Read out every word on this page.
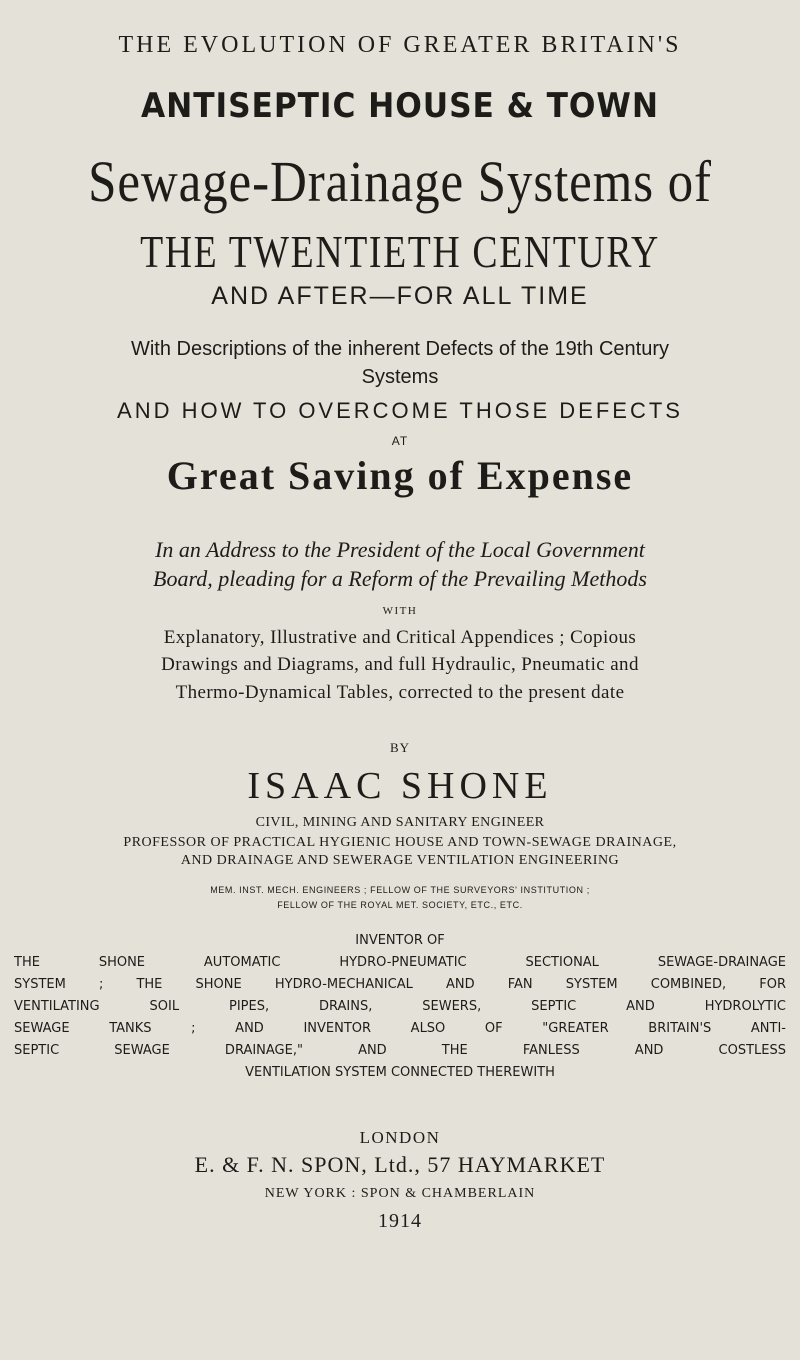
THE EVOLUTION OF GREATER BRITAIN'S
ANTISEPTIC HOUSE & TOWN
Sewage-Drainage Systems of
THE TWENTIETH CENTURY
AND AFTER—FOR ALL TIME
With Descriptions of the inherent Defects of the 19th Century
Systems
AND HOW TO OVERCOME THOSE DEFECTS
AT
Great Saving of Expense
In an Address to the President of the Local Government
Board, pleading for a Reform of the Prevailing Methods
WITH
Explanatory, Illustrative and Critical Appendices ; Copious
Drawings and Diagrams, and full Hydraulic, Pneumatic and
Thermo-Dynamical Tables, corrected to the present date
BY
ISAAC SHONE
CIVIL, MINING AND SANITARY ENGINEER
PROFESSOR OF PRACTICAL HYGIENIC HOUSE AND TOWN-SEWAGE DRAINAGE,
AND DRAINAGE AND SEWERAGE VENTILATION ENGINEERING
MEM. INST. MECH. ENGINEERS ; FELLOW OF THE SURVEYORS' INSTITUTION ;
FELLOW OF THE ROYAL MET. SOCIETY, ETC., ETC.
INVENTOR OF
THE SHONE AUTOMATIC HYDRO-PNEUMATIC SECTIONAL SEWAGE-DRAINAGE
SYSTEM ; THE SHONE HYDRO-MECHANICAL AND FAN SYSTEM COMBINED, FOR
VENTILATING SOIL PIPES, DRAINS, SEWERS, SEPTIC AND HYDROLYTIC
SEWAGE TANKS ; AND INVENTOR ALSO OF "GREATER BRITAIN'S ANTI-
SEPTIC SEWAGE DRAINAGE," AND THE FANLESS AND COSTLESS
VENTILATION SYSTEM CONNECTED THEREWITH
LONDON
E. & F. N. SPON, Ltd., 57 HAYMARKET
NEW YORK : SPON & CHAMBERLAIN
1914
